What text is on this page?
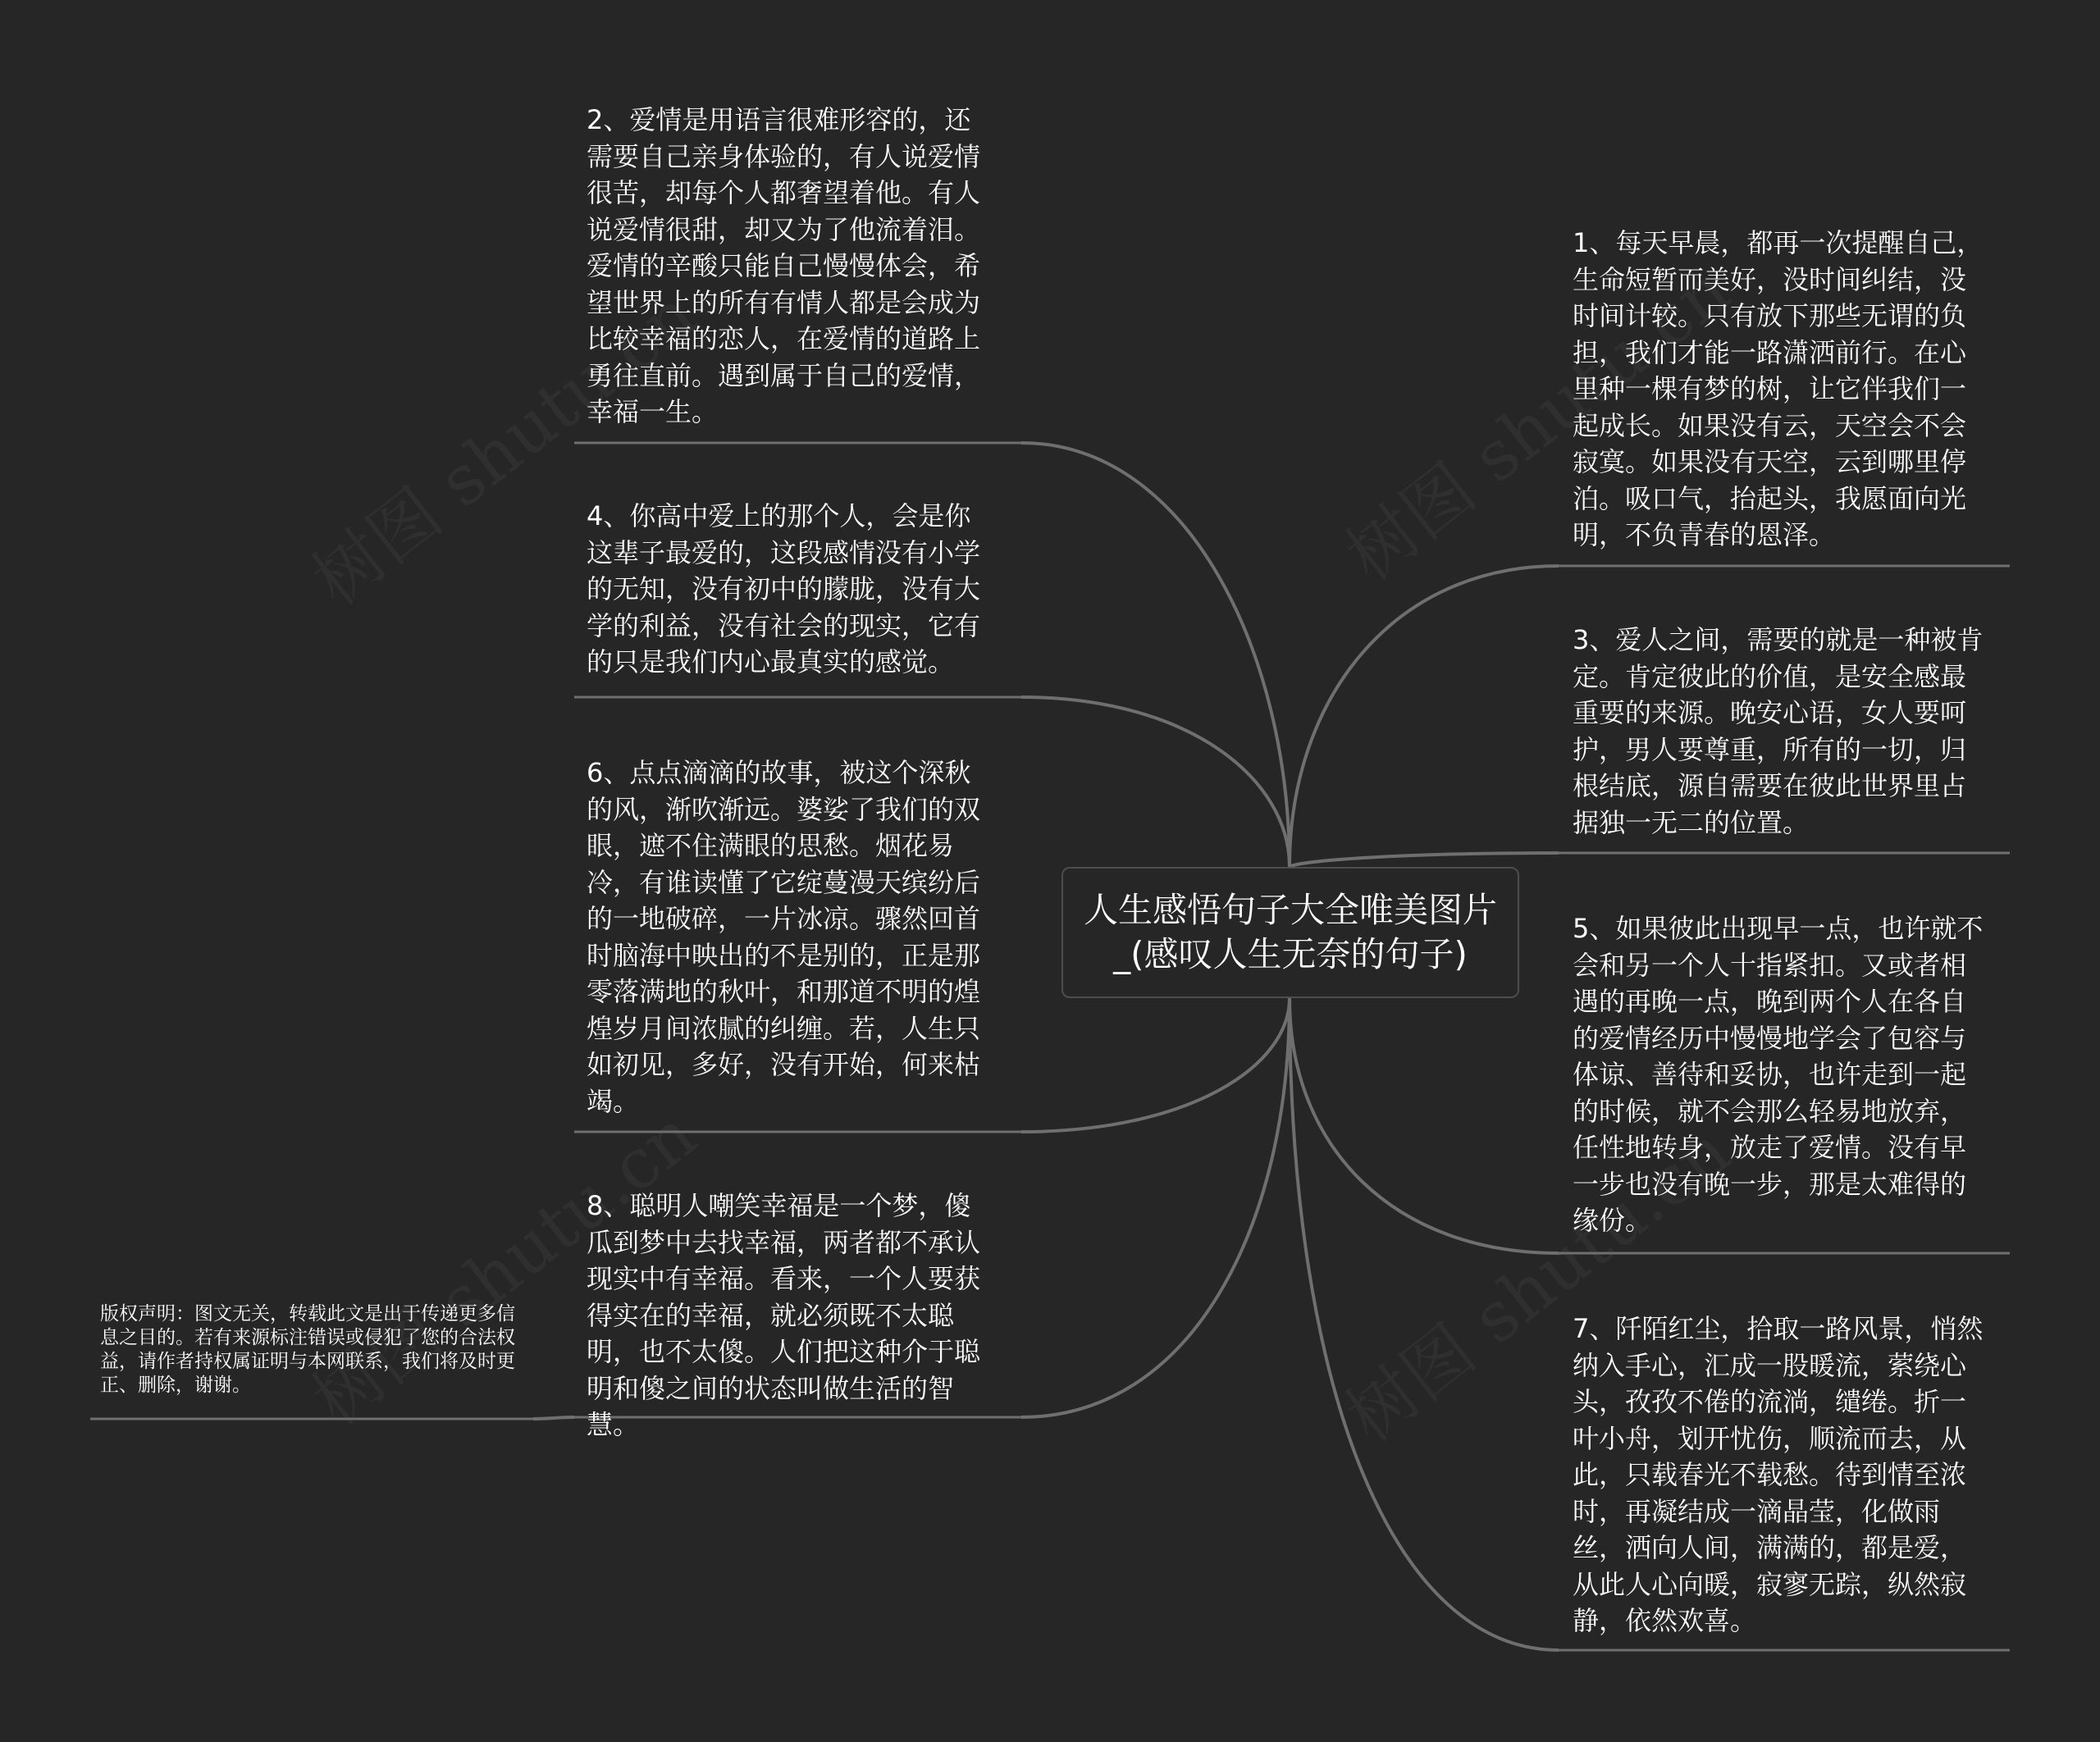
2、爱情是用语言很难形容的，还需要自己亲身体验的，有人说爱情很苦，却每个人都奢望着他。有人说爱情很甜，却又为了他流着泪。爱情的辛酸只能自己慢慢体会，希望世界上的所有有情人都是会成为比较幸福的恋人，在爱情的道路上勇往直前。遇到属于自己的爱情，幸福一生。

4、你高中爱上的那个人，会是你这辈子最爱的，这段感情没有小学的无知，没有初中的朦胧，没有大学的利益，没有社会的现实，它有的只是我们内心最真实的感觉。

6、点点滴滴的故事，被这个深秋的风，渐吹渐远。婆娑了我们的双眼，遮不住满眼的思愁。烟花易冷，有谁读懂了它绽蔓漫天缤纷后的一地破碎，一片冰凉。骤然回首时脑海中映出的不是别的，正是那零落满地的秋叶，和那道不明的煌煌岁月间浓腻的纠缠。若，人生只如初见，多好，没有开始，何来枯竭。

8、聪明人嘲笑幸福是一个梦，傻瓜到梦中去找幸福，两者都不承认现实中有幸福。看来，一个人要获得实在的幸福，就必须既不太聪明，也不太傻。人们把这种介于聪明和傻之间的状态叫做生活的智慧。

1、每天早晨，都再一次提醒自己，生命短暂而美好，没时间纠结，没时间计较。只有放下那些无谓的负担，我们才能一路潇洒前行。在心里种一棵有梦的树，让它伴我们一起成长。如果没有云，天空会不会寂寞。如果没有天空，云到哪里停泊。吸口气，抬起头，我愿面向光明，不负青春的恩泽。

3、爱人之间，需要的就是一种被肯定。肯定彼此的价值，是安全感最重要的来源。晚安心语，女人要呵护，男人要尊重，所有的一切，归根结底，源自需要在彼此世界里占据独一无二的位置。

5、如果彼此出现早一点，也许就不会和另一个人十指紧扣。又或者相遇的再晚一点，晚到两个人在各自的爱情经历中慢慢地学会了包容与体谅、善待和妥协，也许走到一起的时候，就不会那么轻易地放弃，任性地转身，放走了爱情。没有早一步也没有晚一步，那是太难得的缘份。

7、阡陌红尘，拾取一路风景，悄然纳入手心，汇成一股暖流，萦绕心头，孜孜不倦的流淌，缱绻。折一叶小舟，划开忧伤，顺流而去，从此，只载春光不载愁。待到情至浓时，再凝结成一滴晶莹，化做雨丝，洒向人间，满满的，都是爱，从此人心向暖，寂寥无踪，纵然寂静，依然欢喜。

人生感悟句子大全唯美图片_(感叹人生无奈的句子)

版权声明：图文无关，转载此文是出于传递更多信息之目的。若有来源标注错误或侵犯了您的合法权益，请作者持权属证明与本网联系，我们将及时更正、删除，谢谢。
